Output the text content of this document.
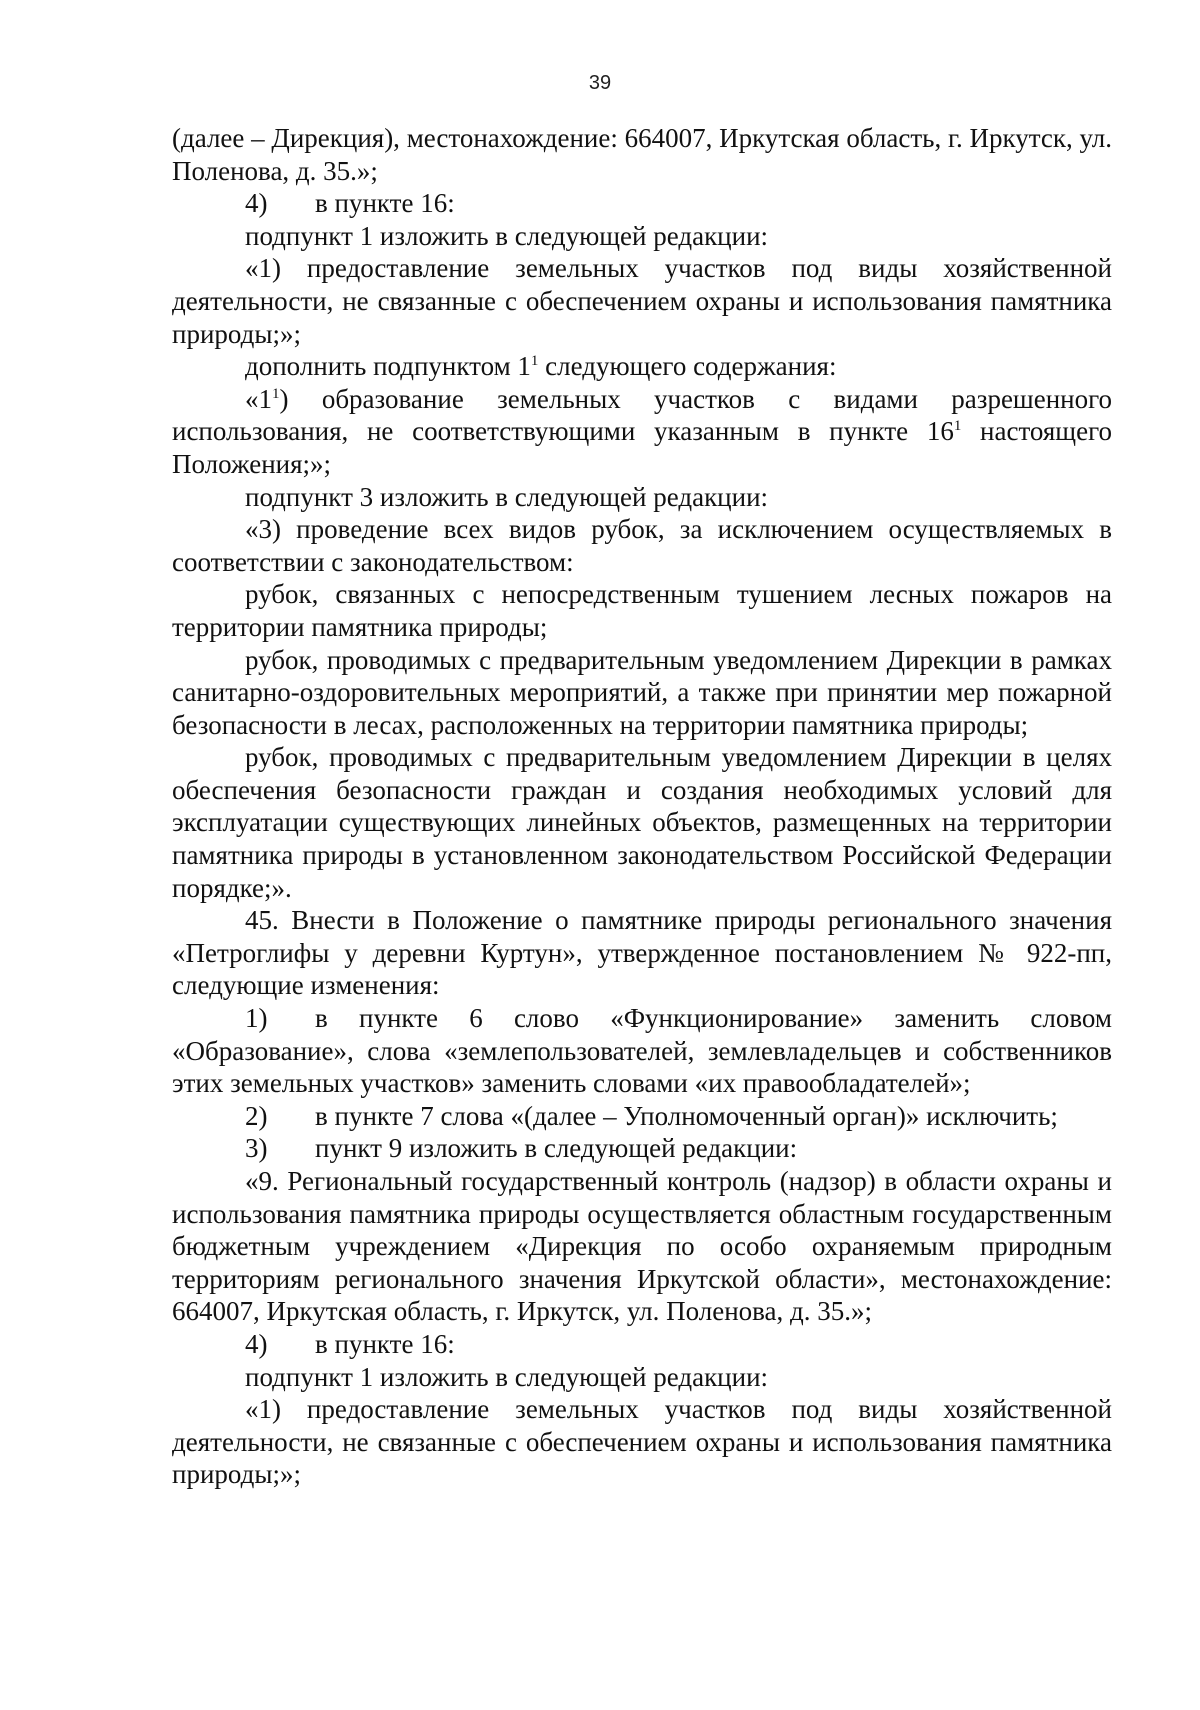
39

(далее – Дирекция), местонахождение: 664007, Иркутская область, г. Иркутск, ул. Поленова, д. 35.»;

4) в пункте 16:

подпункт 1 изложить в следующей редакции:

«1) предоставление земельных участков под виды хозяйственной деятельности, не связанные с обеспечением охраны и использования памятника природы;»;

дополнить подпунктом $1^1$ следующего содержания:

«$1^1$) образование земельных участков с видами разрешенного использования, не соответствующими указанным в пункте $16^1$ настоящего Положения;»;

подпункт 3 изложить в следующей редакции:

«3) проведение всех видов рубок, за исключением осуществляемых в соответствии с законодательством:

рубок, связанных с непосредственным тушением лесных пожаров на территории памятника природы;

рубок, проводимых с предварительным уведомлением Дирекции в рамках санитарно-оздоровительных мероприятий, а также при принятии мер пожарной безопасности в лесах, расположенных на территории памятника природы;

рубок, проводимых с предварительным уведомлением Дирекции в целях обеспечения безопасности граждан и создания необходимых условий для эксплуатации существующих линейных объектов, размещенных на территории памятника природы в установленном законодательством Российской Федерации порядке;».

45. Внести в Положение о памятнике природы регионального значения «Петроглифы у деревни Куртун», утвержденное постановлением № 922-пп, следующие изменения:

1) в пункте 6 слово «Функционирование» заменить словом «Образование», слова «землепользователей, землевладельцев и собственников этих земельных участков» заменить словами «их правообладателей»;

2) в пункте 7 слова «(далее – Уполномоченный орган)» исключить;

3) пункт 9 изложить в следующей редакции:

«9. Региональный государственный контроль (надзор) в области охраны и использования памятника природы осуществляется областным государственным бюджетным учреждением «Дирекция по особо охраняемым природным территориям регионального значения Иркутской области», местонахождение: 664007, Иркутская область, г. Иркутск, ул. Поленова, д. 35.»;

4) в пункте 16:

подпункт 1 изложить в следующей редакции:

«1) предоставление земельных участков под виды хозяйственной деятельности, не связанные с обеспечением охраны и использования памятника природы;»;
